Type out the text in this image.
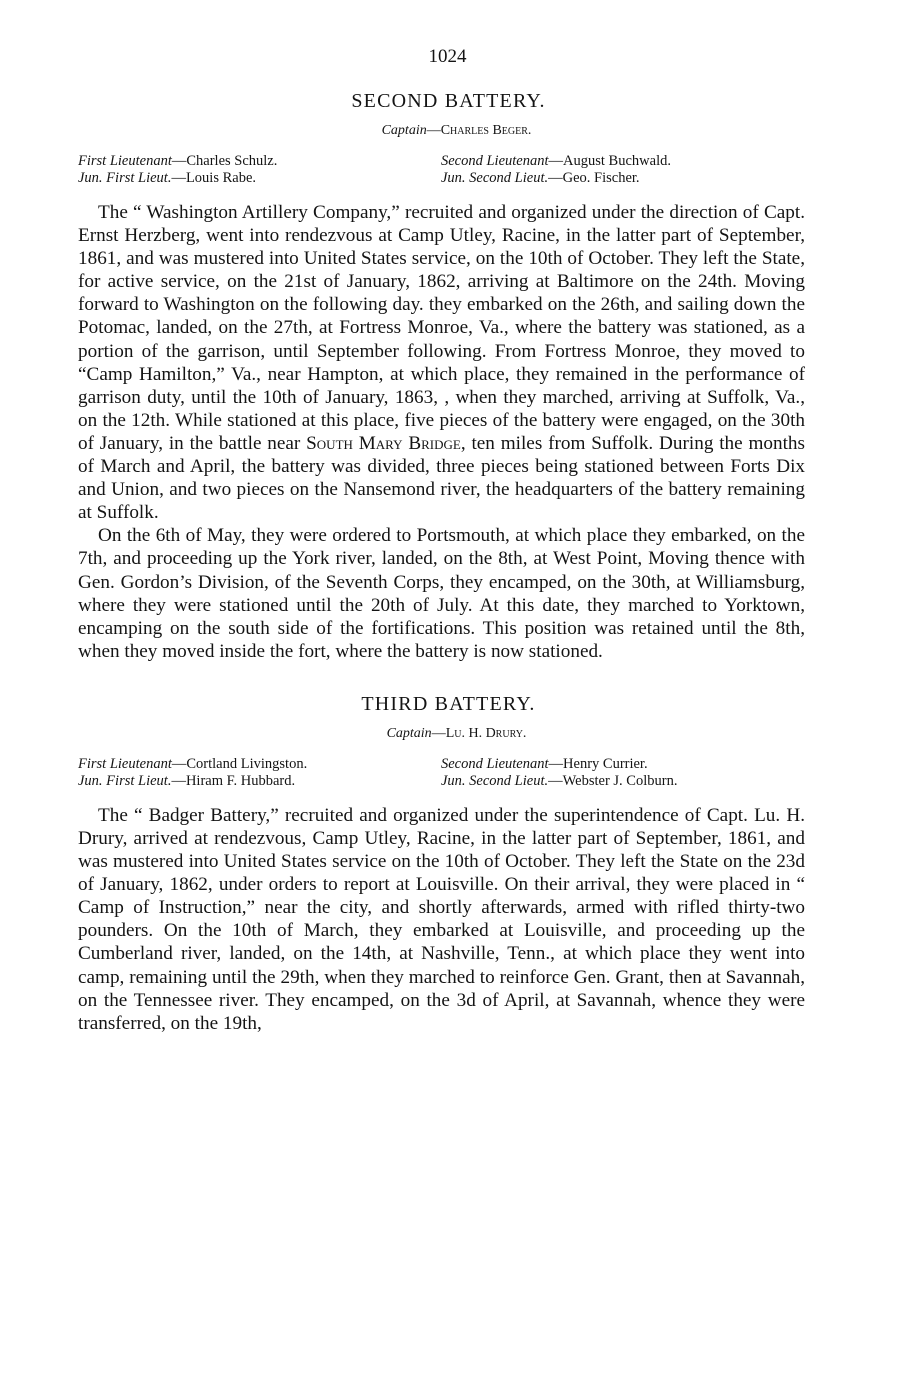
1024
SECOND BATTERY.
Captain—Charles Beger.
First Lieutenant—Charles Schulz.	Second Lieutenant—August Buchwald.
Jun. First Lieut.—Louis Rabe.	Jun. Second Lieut.—Geo. Fischer.

The “ Washington Artillery Company,” recruited and organized under the direction of Capt. Ernst Herzberg, went into rendezvous at Camp Utley, Racine, in the latter part of September, 1861, and was mustered into United States service, on the 10th of October. They left the State, for active service, on the 21st of January, 1862, arriving at Baltimore on the 24th. Moving forward to Washington on the following day. they embarked on the 26th, and sailing down the Potomac, landed, on the 27th, at Fortress Monroe, Va., where the battery was stationed, as a portion of the garrison, until September following. From Fortress Monroe, they moved to “Camp Hamilton,” Va., near Hampton, at which place, they remained in the performance of garrison duty, until the 10th of January, 1863, , when they marched, arriving at Suffolk, Va., on the 12th. While stationed at this place, five pieces of the battery were engaged, on the 30th of January, in the battle near South Mary Bridge, ten miles from Suffolk. During the months of March and April, the battery was divided, three pieces being stationed between Forts Dix and Union, and two pieces on the Nansemond river, the headquarters of the battery remaining at Suffolk.

On the 6th of May, they were ordered to Portsmouth, at which place they embarked, on the 7th, and proceeding up the York river, landed, on the 8th, at West Point, Moving thence with Gen. Gordon’s Division, of the Seventh Corps, they encamped, on the 30th, at Williamsburg, where they were stationed until the 20th of July. At this date, they marched to Yorktown, encamping on the south side of the fortifications. This position was retained until the 8th, when they moved inside the fort, where the battery is now stationed.

THIRD BATTERY.
Captain—Lu. H. Drury.
First Lieutenant—Cortland Livingston.	Second Lieutenant—Henry Currier.
Jun. First Lieut.—Hiram F. Hubbard.	Jun. Second Lieut.—Webster J. Colburn.

The “ Badger Battery,” recruited and organized under the superintendence of Capt. Lu. H. Drury, arrived at rendezvous, Camp Utley, Racine, in the latter part of September, 1861, and was mustered into United States service on the 10th of October. They left the State on the 23d of January, 1862, under orders to report at Louisville. On their arrival, they were placed in “ Camp of Instruction,” near the city, and shortly afterwards, armed with rifled thirty-two pounders. On the 10th of March, they embarked at Louisville, and proceeding up the Cumberland river, landed, on the 14th, at Nashville, Tenn., at which place they went into camp, remaining until the 29th, when they marched to reinforce Gen. Grant, then at Savannah, on the Tennessee river. They encamped, on the 3d of April, at Savannah, whence they were transferred, on the 19th,
